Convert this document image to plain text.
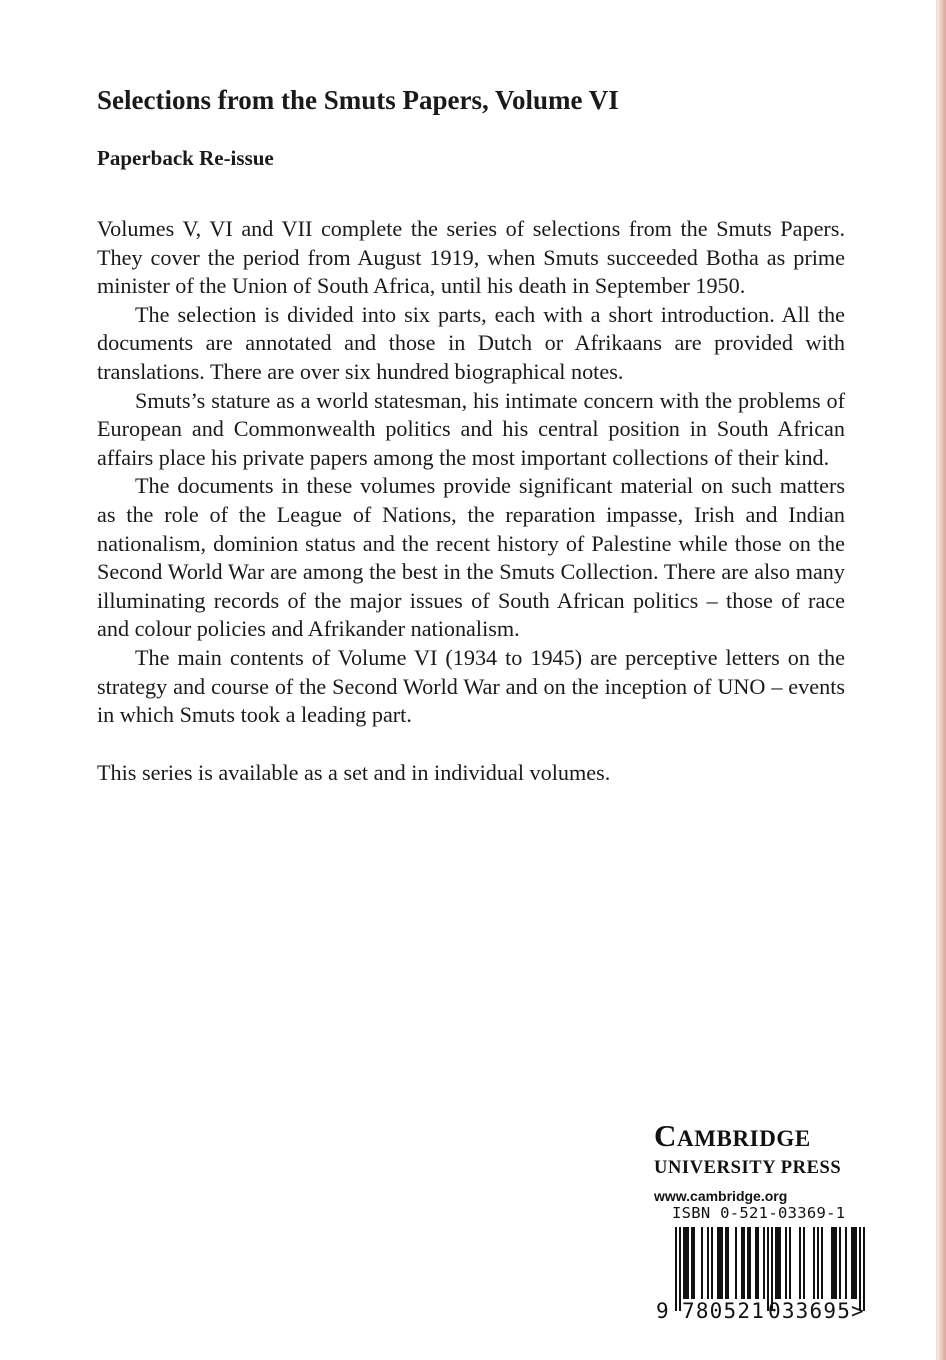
Selections from the Smuts Papers, Volume VI
Paperback Re-issue

Volumes V, VI and VII complete the series of selections from the Smuts Papers. They cover the period from August 1919, when Smuts succeeded Botha as prime minister of the Union of South Africa, until his death in September 1950.

The selection is divided into six parts, each with a short introduction. All the documents are annotated and those in Dutch or Afrikaans are provided with translations. There are over six hundred biographical notes.

Smuts’s stature as a world statesman, his intimate concern with the problems of European and Commonwealth politics and his central position in South African affairs place his private papers among the most important collections of their kind.

The documents in these volumes provide significant material on such matters as the role of the League of Nations, the reparation impasse, Irish and Indian nationalism, dominion status and the recent history of Palestine while those on the Second World War are among the best in the Smuts Collection. There are also many illuminating records of the major issues of South African politics – those of race and colour policies and Afrikander nationalism.

The main contents of Volume VI (1934 to 1945) are perceptive letters on the strategy and course of the Second World War and on the inception of UNO – events in which Smuts took a leading part.

This series is available as a set and in individual volumes.

CAMBRIDGE
UNIVERSITY PRESS
www.cambridge.org
ISBN 0-521-03369-1
9 780521 033695 >
